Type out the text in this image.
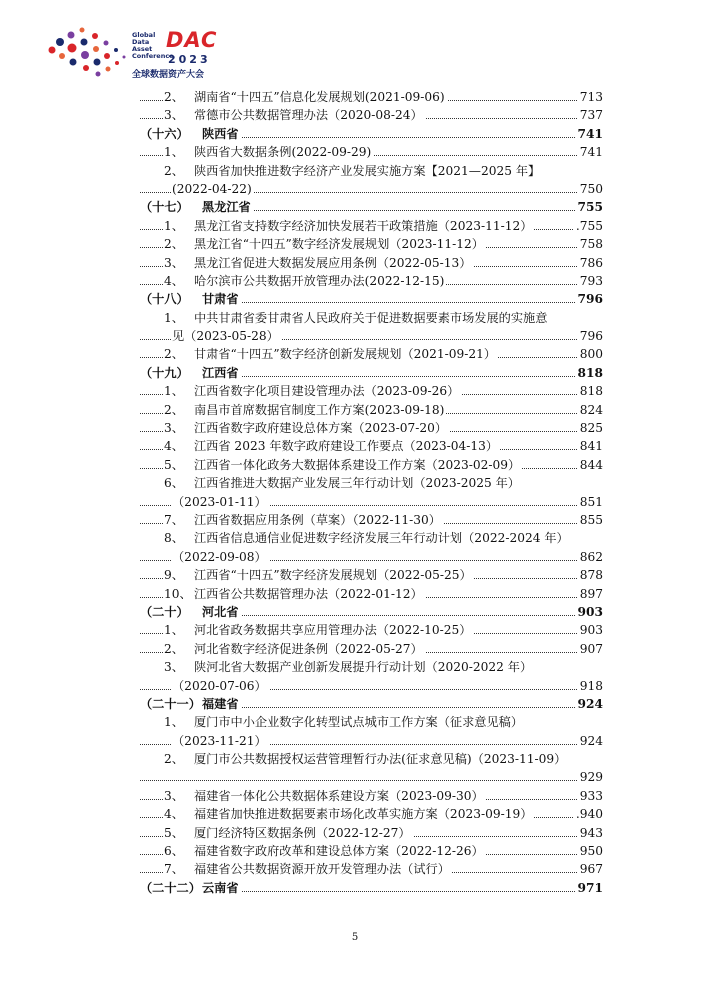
Global
Data
Asset
Conference
DAC
2023
全球数据资产大会
2、 湖南省“十四五”信息化发展规划(2021-09-06)	713
3、 常德市公共数据管理办法（2020-08-24）	737
（十六） 陕西省	741
1、 陕西省大数据条例(2022-09-29)	741
2、 陕西省加快推进数字经济产业发展实施方案【2021—2025 年】
(2022-04-22)	750
（十七） 黑龙江省	755
1、 黑龙江省支持数字经济加快发展若干政策措施（2023-11-12）	.755
2、 黑龙江省“十四五”数字经济发展规划（2023-11-12）	758
3、 黑龙江省促进大数据发展应用条例（2022-05-13）	786
4、 哈尔滨市公共数据开放管理办法(2022-12-15)	793
（十八） 甘肃省	796
1、 中共甘肃省委甘肃省人民政府关于促进数据要素市场发展的实施意
见（2023-05-28）	796
2、 甘肃省“十四五”数字经济创新发展规划（2021-09-21）	800
（十九） 江西省	818
1、 江西省数字化项目建设管理办法（2023-09-26）	818
2、 南昌市首席数据官制度工作方案(2023-09-18)	824
3、 江西省数字政府建设总体方案（2023-07-20）	825
4、 江西省 2023 年数字政府建设工作要点（2023-04-13）	841
5、 江西省一体化政务大数据体系建设工作方案（2023-02-09）	844
6、 江西省推进大数据产业发展三年行动计划（2023-2025 年）
（2023-01-11）	851
7、 江西省数据应用条例（草案）（2022-11-30）	855
8、 江西省信息通信业促进数字经济发展三年行动计划（2022-2024 年）
（2022-09-08）	862
9、 江西省“十四五”数字经济发展规划（2022-05-25）	878
10、 江西省公共数据管理办法（2022-01-12）	897
（二十） 河北省	903
1、 河北省政务数据共享应用管理办法（2022-10-25）	903
2、 河北省数字经济促进条例（2022-05-27）	907
3、 陕河北省大数据产业创新发展提升行动计划（2020-2022 年）
（2020-07-06）	918
（二十一）福建省	924
1、 厦门市中小企业数字化转型试点城市工作方案（征求意见稿）
（2023-11-21）	924
2、 厦门市公共数据授权运营管理暂行办法(征求意见稿)（2023-11-09）
929
3、 福建省一体化公共数据体系建设方案（2023-09-30）	933
4、 福建省加快推进数据要素市场化改革实施方案（2023-09-19）	.940
5、 厦门经济特区数据条例（2022-12-27）	943
6、 福建省数字政府改革和建设总体方案（2022-12-26）	950
7、 福建省公共数据资源开放开发管理办法（试行）	967
（二十二）云南省	971
5
